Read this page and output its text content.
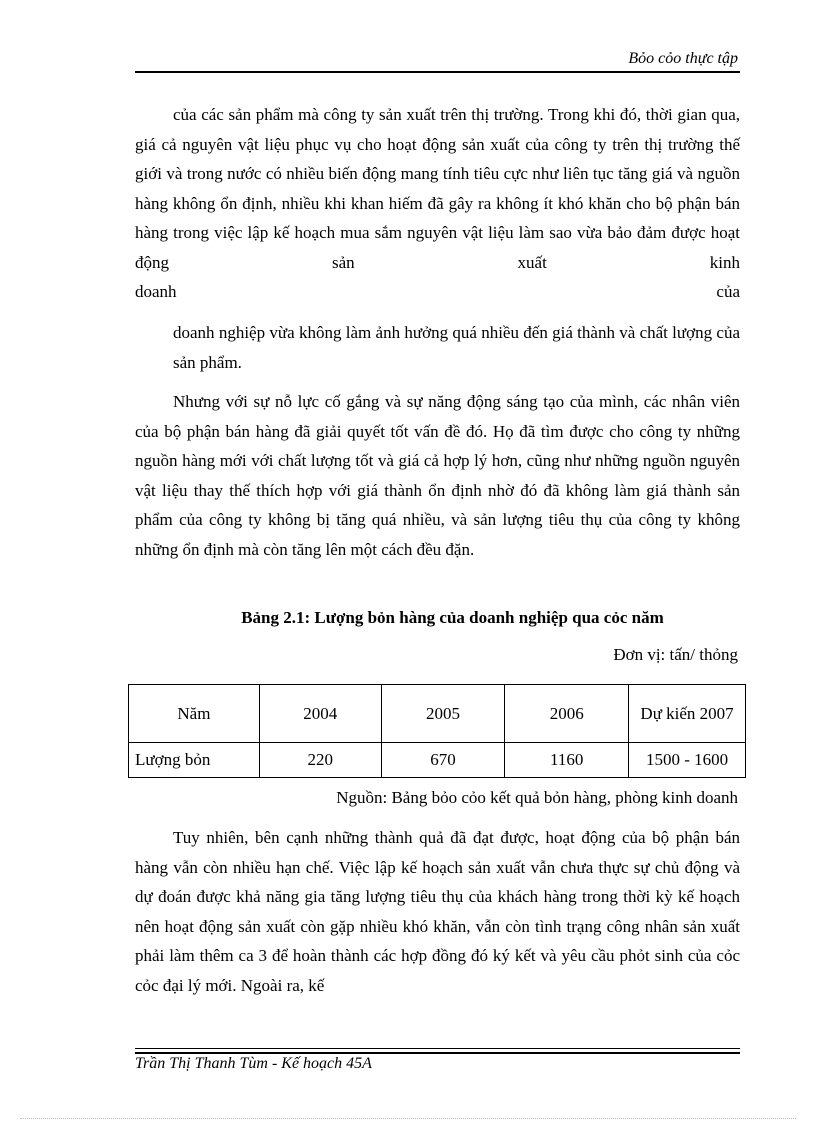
Bỏo cỏo thực tập

của các sản phẩm mà công ty sản xuất trên thị trường. Trong khi đó, thời gian qua, giá cả nguyên vật liệu phục vụ cho hoạt động sản xuất của công ty trên thị trường thế giới và trong nước có nhiều biến động mang tính tiêu cực như liên tục tăng giá và nguồn hàng không ổn định, nhiều khi khan hiếm đã gây ra không ít khó khăn cho bộ phận bán hàng trong việc lập kế hoạch mua sắm nguyên vật liệu làm sao vừa bảo đảm được hoạt động sản xuất kinh

doanh	của

doanh nghiệp vừa không làm ảnh hưởng quá nhiều đến giá thành và chất lượng của sản phẩm.

Nhưng với sự nỗ lực cố gắng và sự năng động sáng tạo của mình, các nhân viên của bộ phận bán hàng đã giải quyết tốt vấn đề đó. Họ đã tìm được cho công ty những nguồn hàng mới với chất lượng tốt và giá cả hợp lý hơn, cũng như những nguồn nguyên vật liệu thay thế thích hợp với giá thành ổn định nhờ đó đã không làm giá thành sản phẩm của công ty không bị tăng quá nhiều, và sản lượng tiêu thụ của công ty không những ổn định mà còn tăng lên một cách đều đặn.

Bảng 2.1: Lượng bỏn hàng của doanh nghiệp qua cỏc năm
Đơn vị: tấn/ thỏng
Năm	2004	2005	2006	Dự kiến 2007
Lượng bỏn	220	670	1160	1500 - 1600
Nguồn: Bảng bỏo cỏo kết quả bỏn hàng, phòng kinh doanh

Tuy nhiên, bên cạnh những thành quả đã đạt được, hoạt động của bộ phận bán hàng vẫn còn nhiều hạn chế. Việc lập kế hoạch sản xuất vẫn chưa thực sự chủ động và dự đoán được khả năng gia tăng lượng tiêu thụ của khách hàng trong thời kỳ kế hoạch nên hoạt động sản xuất còn gặp nhiều khó khăn, vẫn còn tình trạng công nhân sản xuất phải làm thêm ca 3 để hoàn thành các hợp đồng đó ký kết và yêu cầu phỏt sinh của cỏc cỏc đại lý mới. Ngoài ra, kế

Trần Thị Thanh Tùm - Kế hoạch 45A
